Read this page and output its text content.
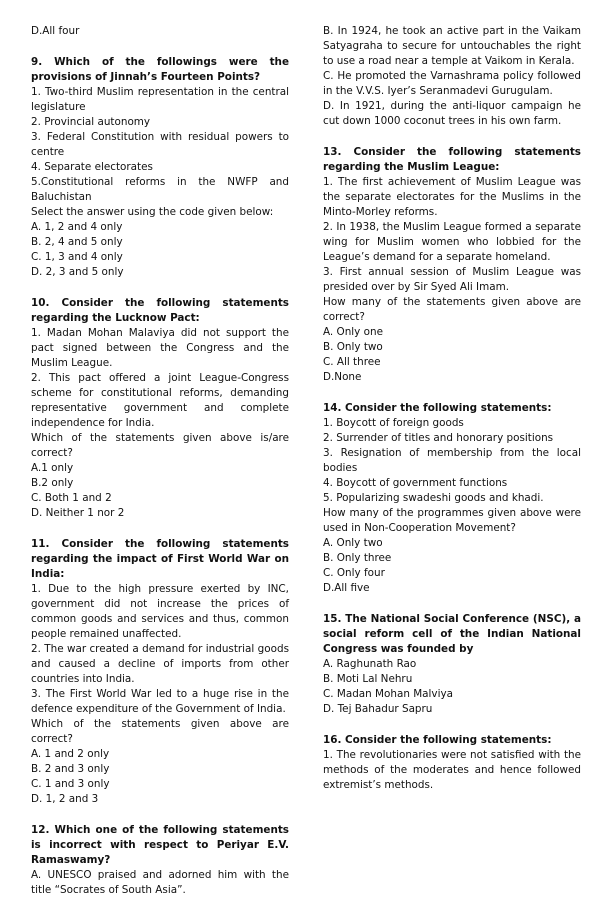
D.All four

9. Which of the followings were the provisions of Jinnah’s Fourteen Points?

1. Two-third Muslim representation in the central legislature

2. Provincial autonomy

3. Federal Constitution with residual powers to centre

4. Separate electorates

5.Constitutional reforms in the NWFP and Baluchistan

Select the answer using the code given below:

A. 1, 2 and 4 only

B. 2, 4 and 5 only

C. 1, 3 and 4 only

D. 2, 3 and 5 only

10. Consider the following statements regarding the Lucknow Pact:

1. Madan Mohan Malaviya did not support the pact signed between the Congress and the Muslim League.

2. This pact offered a joint League-Congress scheme for constitutional reforms, demanding representative government and complete independence for India.

Which of the statements given above is/are correct?

A.1 only

B.2 only

C. Both 1 and 2

D. Neither 1 nor 2

11. Consider the following statements regarding the impact of First World War on India:

1. Due to the high pressure exerted by INC, government did not increase the prices of common goods and services and thus, common people remained unaffected.

2. The war created a demand for industrial goods and caused a decline of imports from other countries into India.

3. The First World War led to a huge rise in the defence expenditure of the Government of India.

Which of the statements given above are correct?

A. 1 and 2 only

B. 2 and 3 only

C. 1 and 3 only

D. 1, 2 and 3

12. Which one of the following statements is incorrect with respect to Periyar E.V. Ramaswamy?

A. UNESCO praised and adorned him with the title “Socrates of South Asia”.

B. In 1924, he took an active part in the Vaikam Satyagraha to secure for untouchables the right to use a road near a temple at Vaikom in Kerala.

C. He promoted the Varnashrama policy followed in the V.V.S. Iyer’s Seranmadevi Gurugulam.

D. In 1921, during the anti-liquor campaign he cut down 1000 coconut trees in his own farm.

13. Consider the following statements regarding the Muslim League:

1. The first achievement of Muslim League was the separate electorates for the Muslims in the Minto-Morley reforms.

2. In 1938, the Muslim League formed a separate wing for Muslim women who lobbied for the League’s demand for a separate homeland.

3. First annual session of Muslim League was presided over by Sir Syed Ali Imam.

How many of the statements given above are correct?

A. Only one

B. Only two

C. All three

D.None

14. Consider the following statements:

1. Boycott of foreign goods

2. Surrender of titles and honorary positions

3. Resignation of membership from the local bodies

4. Boycott of government functions

5. Popularizing swadeshi goods and khadi.

How many of the programmes given above were used in Non-Cooperation Movement?

A. Only two

B. Only three

C. Only four

D.All five

15. The National Social Conference (NSC), a social reform cell of the Indian National Congress was founded by

A. Raghunath Rao

B. Moti Lal Nehru

C. Madan Mohan Malviya

D. Tej Bahadur Sapru

16. Consider the following statements:

1. The revolutionaries were not satisfied with the methods of the moderates and hence followed extremist’s methods.
